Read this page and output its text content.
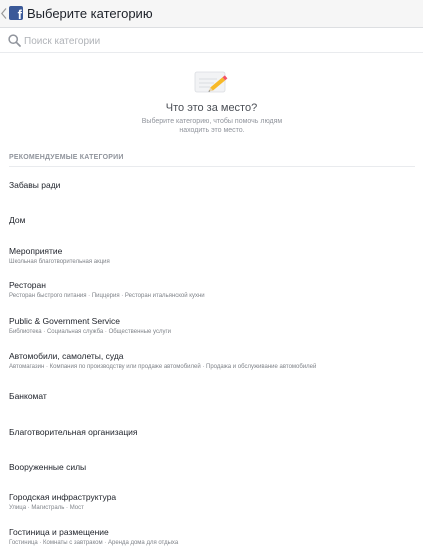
f Выберите категорию
Поиск категории
Что это за место?
Выберите категорию, чтобы помочь людям находить это место.
РЕКОМЕНДУЕМЫЕ КАТЕГОРИИ
Забавы ради
Дом
Мероприятие
Школьная благотворительная акция
Ресторан
Ресторан быстрого питания · Пиццерия · Ресторан итальянской кухни
Public & Government Service
Библиотека · Социальная служба · Общественные услуги
Автомобили, самолеты, суда
Автомагазин · Компания по производству или продаже автомобилей · Продажа и обслуживание автомобилей
Банкомат
Благотворительная организация
Вооруженные силы
Городская инфраструктура
Улица · Магистраль · Мост
Гостиница и размещение
Гостиница · Комнаты с завтраком · Аренда дома для отдыха
